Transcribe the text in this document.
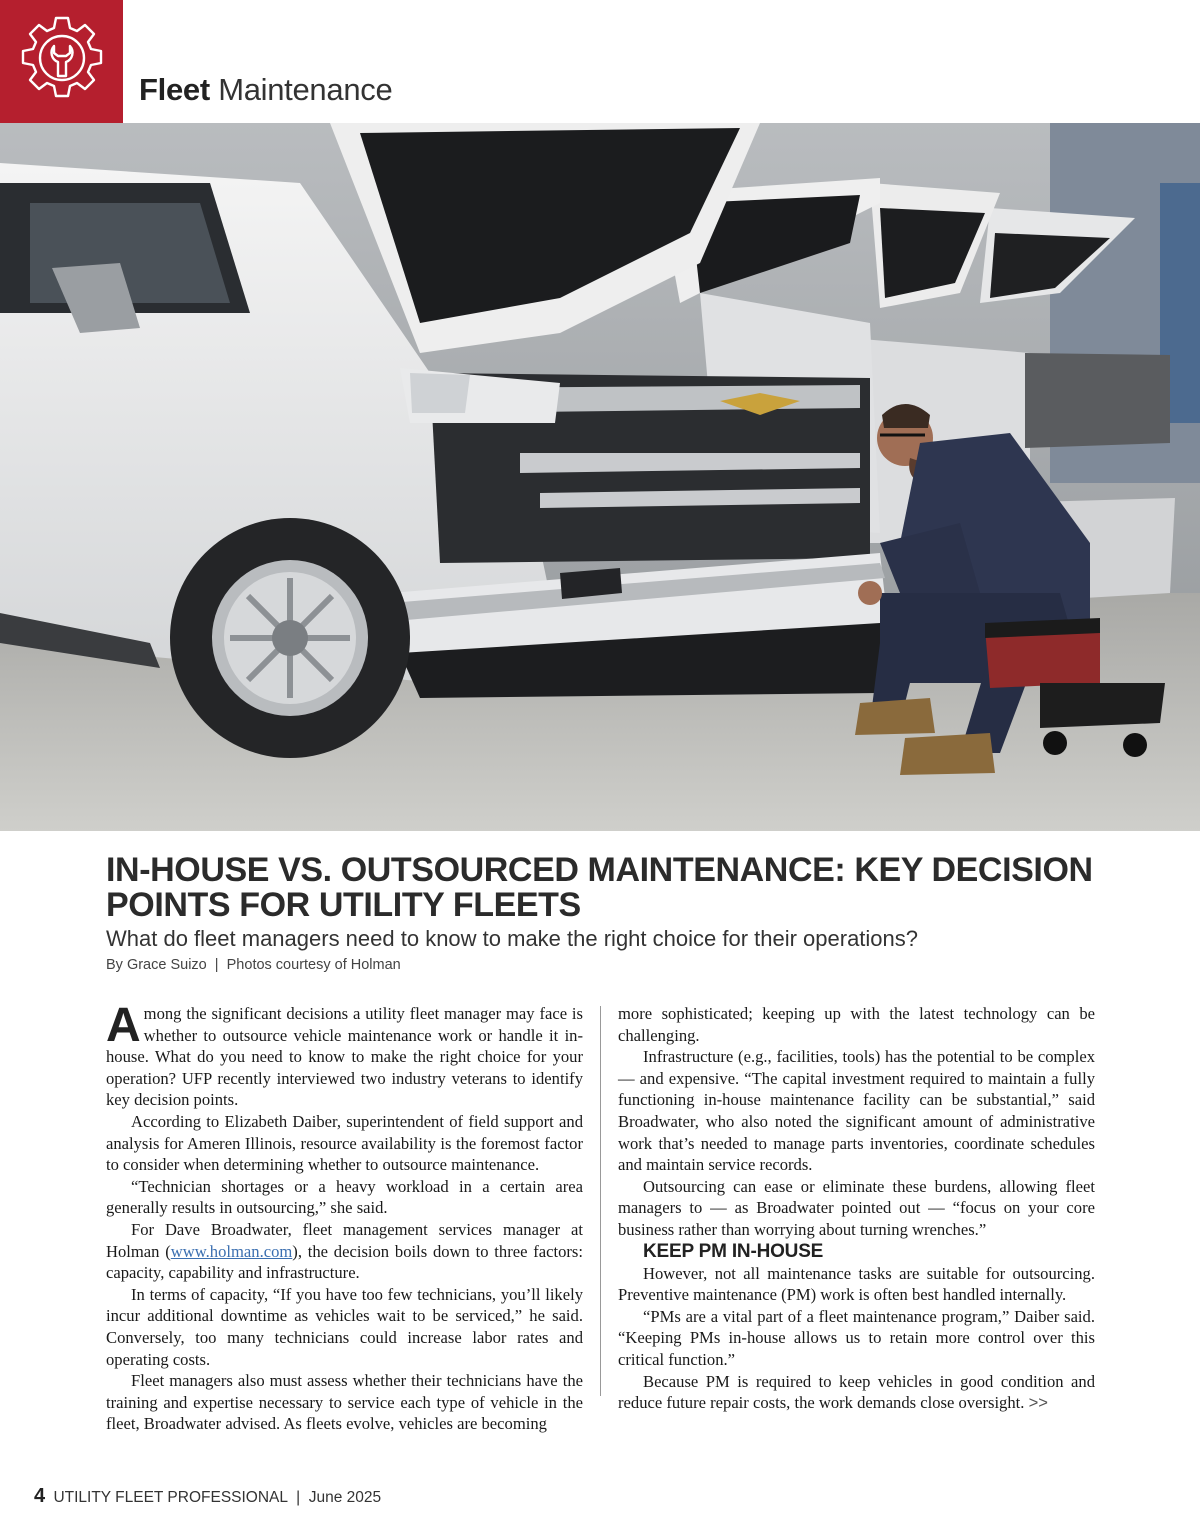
Fleet Maintenance
IN-HOUSE VS. OUTSOURCED MAINTENANCE: KEY DECISION
POINTS FOR UTILITY FLEETS

What do fleet managers need to know to make the right choice for their operations?

By Grace Suizo  |  Photos courtesy of Holman

Among the significant decisions a utility fleet manager may face is whether to outsource vehicle maintenance work or handle it in-house. What do you need to know to make the right choice for your operation? UFP recently interviewed two industry veterans to identify key decision points.

According to Elizabeth Daiber, superintendent of field support and analysis for Ameren Illinois, resource availability is the foremost factor to consider when determining whether to outsource maintenance.

“Technician shortages or a heavy workload in a certain area generally results in outsourcing,” she said.

For Dave Broadwater, fleet management services manager at Holman (www.holman.com), the decision boils down to three factors: capacity, capability and infrastructure.

In terms of capacity, “If you have too few technicians, you’ll likely incur additional downtime as vehicles wait to be serviced,” he said. Conversely, too many technicians could increase labor rates and operating costs.

Fleet managers also must assess whether their technicians have the training and expertise necessary to service each type of vehicle in the fleet, Broadwater advised. As fleets evolve, vehicles are becoming

more sophisticated; keeping up with the latest technology can be challenging.

Infrastructure (e.g., facilities, tools) has the potential to be complex — and expensive. “The capital investment required to maintain a fully functioning in-house maintenance facility can be substantial,” said Broadwater, who also noted the significant amount of administrative work that’s needed to manage parts inventories, coordinate schedules and maintain service records.

Outsourcing can ease or eliminate these burdens, allowing fleet managers to — as Broadwater pointed out — “focus on your core business rather than worrying about turning wrenches.”

KEEP PM IN-HOUSE

However, not all maintenance tasks are suitable for outsourcing. Preventive maintenance (PM) work is often best handled internally.

“PMs are a vital part of a fleet maintenance program,” Daiber said. “Keeping PMs in-house allows us to retain more control over this critical function.”

Because PM is required to keep vehicles in good condition and reduce future repair costs, the work demands close oversight. >>

4 UTILITY FLEET PROFESSIONAL | June 2025
